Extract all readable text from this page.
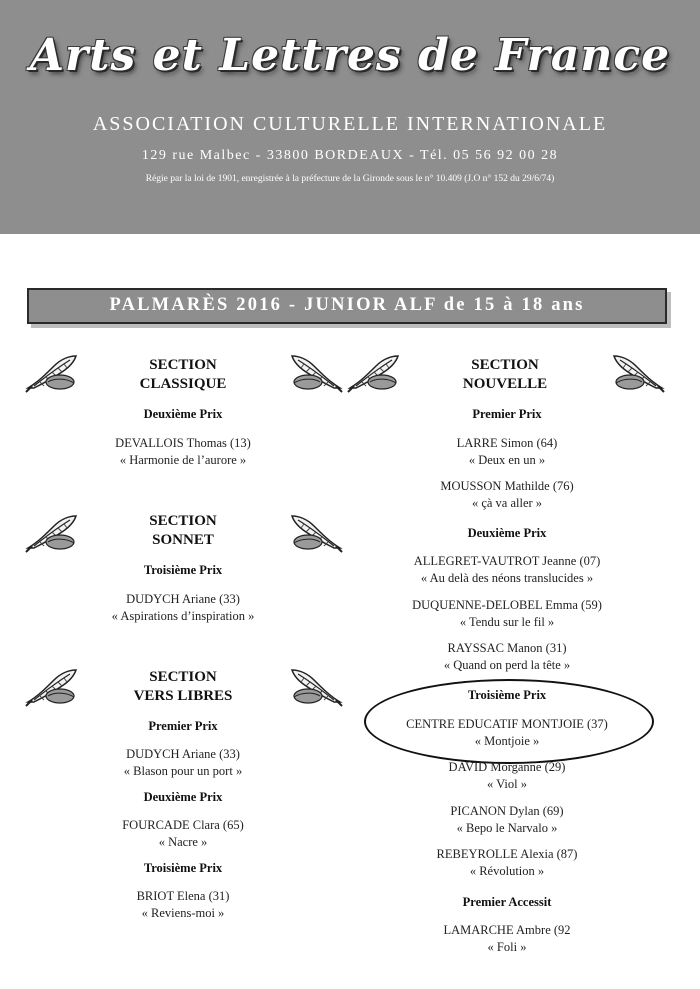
Arts et Lettres de France
ASSOCIATION CULTURELLE INTERNATIONALE
129 rue Malbec - 33800 BORDEAUX - Tél. 05 56 92 00 28
Régie par la loi de 1901, enregistrée à la préfecture de la Gironde sous le n° 10.409 (J.O n° 152 du 29/6/74)
PALMARÈS 2016 - JUNIOR ALF de 15 à 18 ans
SECTION
CLASSIQUE
Deuxième Prix
DEVALLOIS Thomas (13)
« Harmonie de l’aurore »
SECTION
SONNET
Troisième Prix
DUDYCH Ariane (33)
« Aspirations d’inspiration »
SECTION
VERS LIBRES
Premier Prix
DUDYCH Ariane (33)
« Blason pour un port »
Deuxième Prix
FOURCADE Clara (65)
« Nacre »
Troisième Prix
BRIOT Elena (31)
« Reviens-moi »
SECTION
NOUVELLE
Premier Prix
LARRE Simon (64)
« Deux en un »
MOUSSON Mathilde (76)
« çà va aller »
Deuxième Prix
ALLEGRET-VAUTROT Jeanne (07)
« Au delà des néons translucides »
DUQUENNE-DELOBEL Emma (59)
« Tendu sur le fil »
RAYSSAC Manon (31)
« Quand on perd la tête »
Troisième Prix
CENTRE EDUCATIF MONTJOIE (37)
« Montjoie »
DAVID Morganne (29)
« Viol »
PICANON Dylan (69)
« Bepo le Narvalo »
REBEYROLLE Alexia (87)
« Révolution »
Premier Accessit
LAMARCHE Ambre (92
« Foli »
